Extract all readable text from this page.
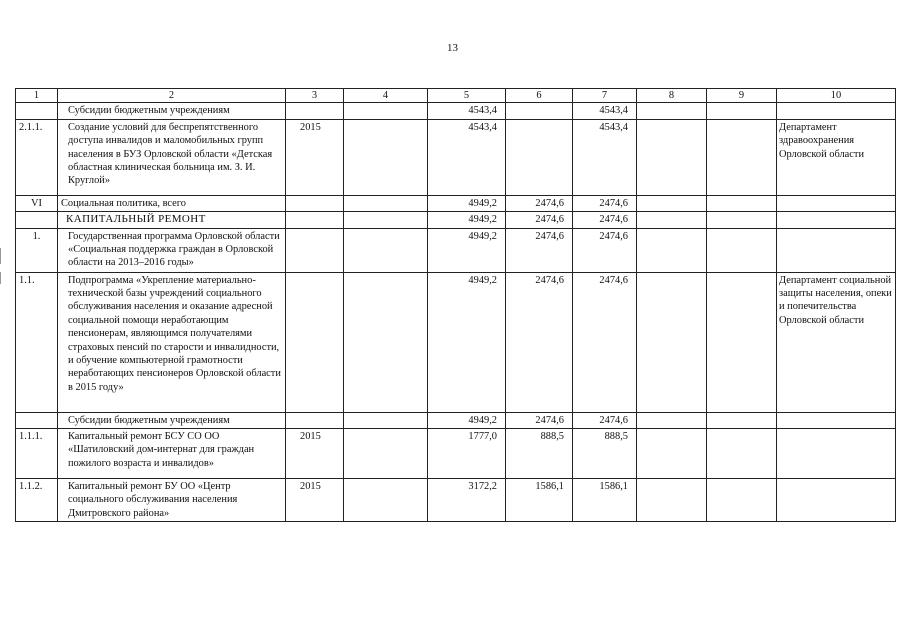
13
1	2	3	4	5	6	7	8	9	10
	Субсидии бюджетным учреждениям			4543,4		4543,4			
2.1.1.	Создание условий для беспрепятственного доступа инвалидов и маломобильных групп населения в БУЗ Орловской области «Детская областная клиническая больница им. З. И. Круглой»	2015		4543,4		4543,4			Департамент здравоохранения Орловской области
VI	Социальная политика, всего			4949,2	2474,6	2474,6			
	КАПИТАЛЬНЫЙ РЕМОНТ			4949,2	2474,6	2474,6			
1.	Государственная программа Орловской области «Социальная поддержка граждан в Орловской области на 2013–2016 годы»			4949,2	2474,6	2474,6			
1.1.	Подпрограмма «Укрепление материально-технической базы учреждений социального обслуживания населения и оказание адресной социальной помощи неработающим пенсионерам, являющимся получателями страховых пенсий по старости и инвалидности, и обучение компьютерной грамотности неработающих пенсионеров Орловской области в 2015 году»			4949,2	2474,6	2474,6			Департамент социальной защиты населения, опеки и попечительства Орловской области
	Субсидии бюджетным учреждениям			4949,2	2474,6	2474,6			
1.1.1.	Капитальный ремонт БСУ СО ОО «Шатиловский дом-интернат для граждан пожилого возраста и инвалидов»	2015		1777,0	888,5	888,5			
1.1.2.	Капитальный ремонт БУ ОО «Центр социального обслуживания населения Дмитровского района»	2015		3172,2	1586,1	1586,1			
